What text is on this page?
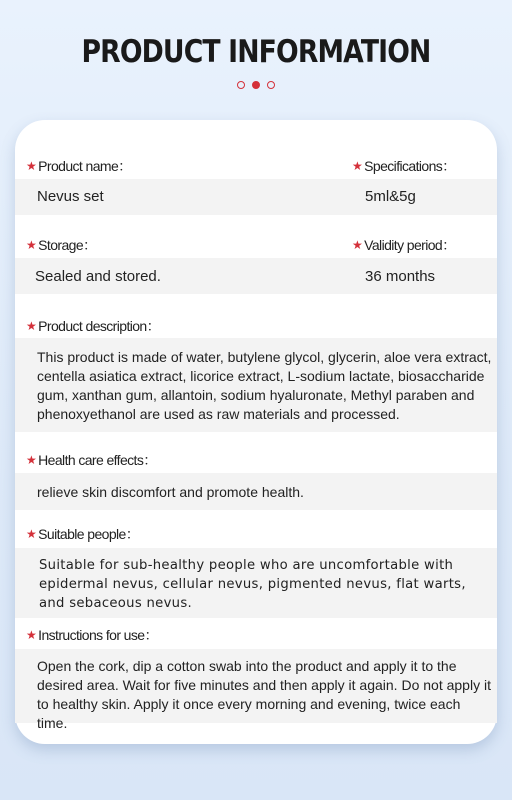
PRODUCT INFORMATION
★ Product name：	★ Specifications：
Nevus set	5ml&5g
★ Storage：	★ Validity period：
Sealed and stored.	36 months
★ Product description：
This product is made of water, butylene glycol, glycerin, aloe vera extract, centella asiatica extract, licorice extract, L-sodium lactate, biosaccharide gum, xanthan gum, allantoin, sodium hyaluronate, Methyl paraben and phenoxyethanol are used as raw materials and processed.
★ Health care effects：
relieve skin discomfort and promote health.
★ Suitable people：
Suitable for sub-healthy people who are uncomfortable with epidermal nevus, cellular nevus, pigmented nevus, flat warts, and sebaceous nevus.
★ Instructions for use：
Open the cork, dip a cotton swab into the product and apply it to the desired area. Wait for five minutes and then apply it again. Do not apply it to healthy skin. Apply it once every morning and evening, twice each time.
